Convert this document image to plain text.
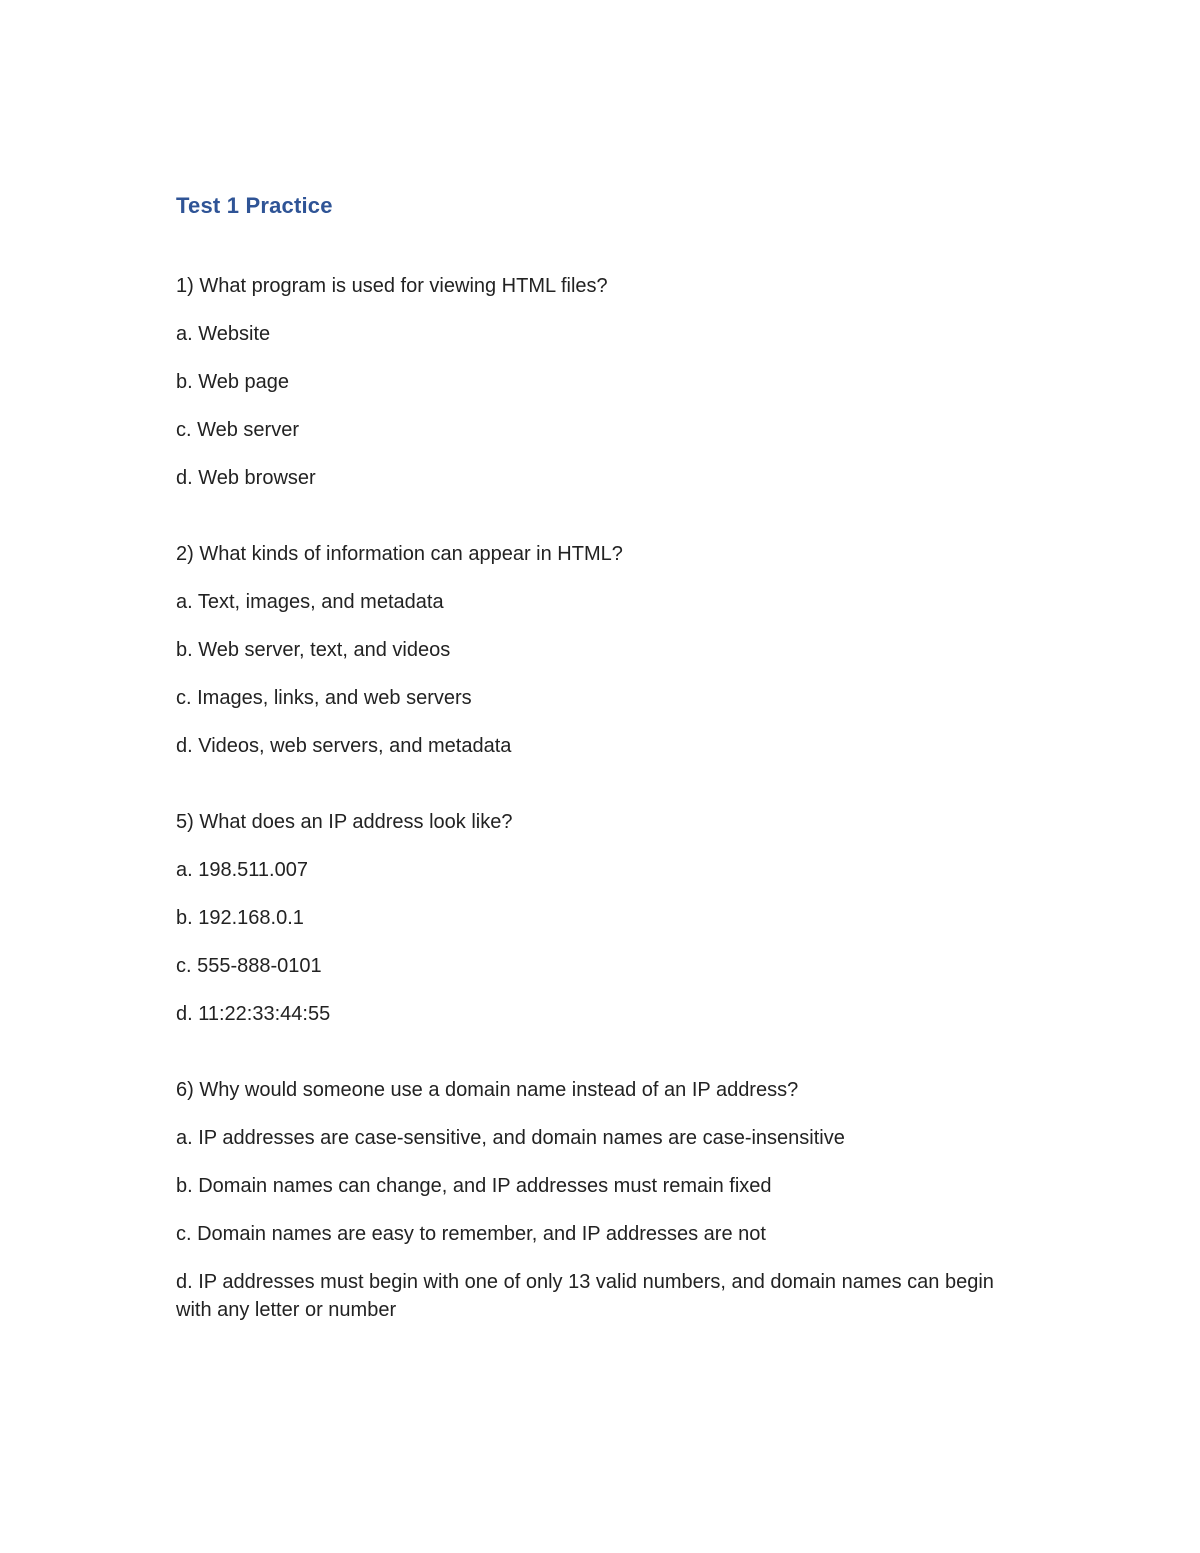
Test 1 Practice

1) What program is used for viewing HTML files?

a. Website

b. Web page

c. Web server

d. Web browser

2) What kinds of information can appear in HTML?

a. Text, images, and metadata

b. Web server, text, and videos

c. Images, links, and web servers

d. Videos, web servers, and metadata

5) What does an IP address look like?

a. 198.511.007

b. 192.168.0.1

c. 555-888-0101

d. 11:22:33:44:55

6) Why would someone use a domain name instead of an IP address?

a. IP addresses are case-sensitive, and domain names are case-insensitive

b. Domain names can change, and IP addresses must remain fixed

c. Domain names are easy to remember, and IP addresses are not

d. IP addresses must begin with one of only 13 valid numbers, and domain names can begin with any letter or number
